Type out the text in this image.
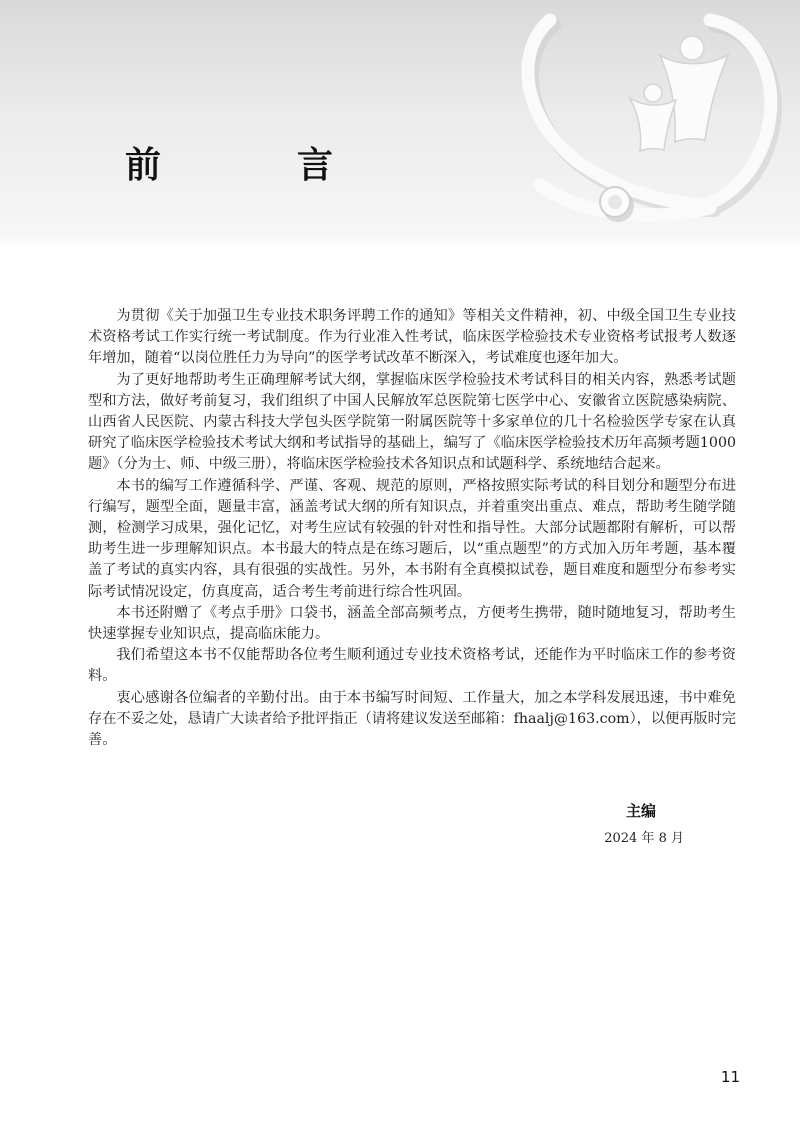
前　言

为贯彻《关于加强卫生专业技术职务评聘工作的通知》等相关文件精神，初、中级全国卫生专业技术资格考试工作实行统一考试制度。作为行业准入性考试，临床医学检验技术专业资格考试报考人数逐年增加，随着“以岗位胜任力为导向”的医学考试改革不断深入，考试难度也逐年加大。

为了更好地帮助考生正确理解考试大纲，掌握临床医学检验技术考试科目的相关内容，熟悉考试题型和方法，做好考前复习，我们组织了中国人民解放军总医院第七医学中心、安徽省立医院感染病院、山西省人民医院、内蒙古科技大学包头医学院第一附属医院等十多家单位的几十名检验医学专家在认真研究了临床医学检验技术考试大纲和考试指导的基础上，编写了《临床医学检验技术历年高频考题1000题》（分为士、师、中级三册），将临床医学检验技术各知识点和试题科学、系统地结合起来。

本书的编写工作遵循科学、严谨、客观、规范的原则，严格按照实际考试的科目划分和题型分布进行编写，题型全面，题量丰富，涵盖考试大纲的所有知识点，并着重突出重点、难点，帮助考生随学随测，检测学习成果，强化记忆，对考生应试有较强的针对性和指导性。大部分试题都附有解析，可以帮助考生进一步理解知识点。本书最大的特点是在练习题后，以“重点题型”的方式加入历年考题，基本覆盖了考试的真实内容，具有很强的实战性。另外，本书附有全真模拟试卷，题目难度和题型分布参考实际考试情况设定，仿真度高，适合考生考前进行综合性巩固。

本书还附赠了《考点手册》口袋书，涵盖全部高频考点，方便考生携带，随时随地复习，帮助考生快速掌握专业知识点，提高临床能力。

我们希望这本书不仅能帮助各位考生顺利通过专业技术资格考试，还能作为平时临床工作的参考资料。

衷心感谢各位编者的辛勤付出。由于本书编写时间短、工作量大，加之本学科发展迅速，书中难免存在不妥之处，恳请广大读者给予批评指正（请将建议发送至邮箱：fhaalj@163.com），以便再版时完善。

主编
2024 年 8 月
11
